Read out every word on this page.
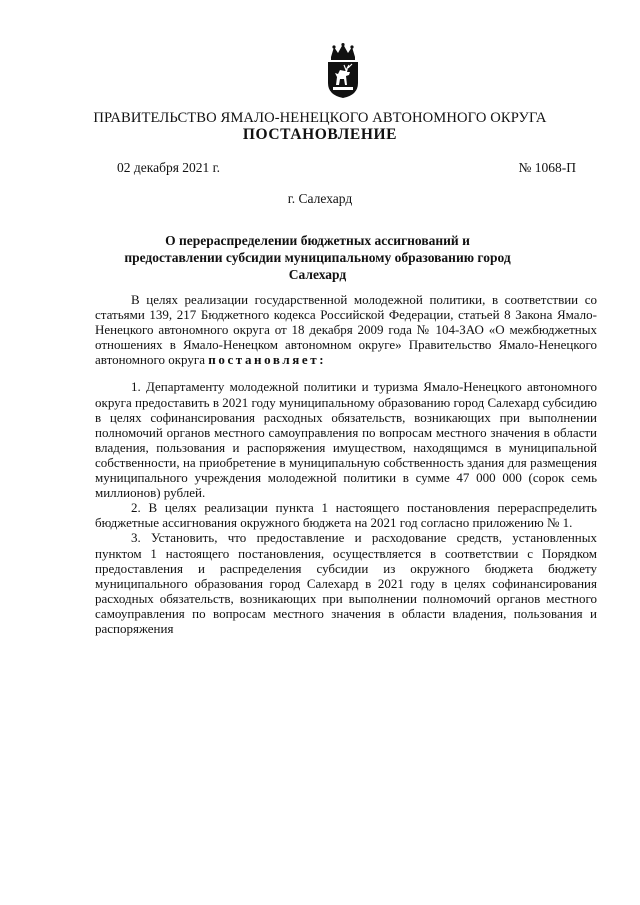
ПРАВИТЕЛЬСТВО ЯМАЛО-НЕНЕЦКОГО АВТОНОМНОГО ОКРУГА
ПОСТАНОВЛЕНИЕ
02 декабря 2021 г.	№ 1068-П
г. Салехард
О перераспределении бюджетных ассигнований и предоставлении субсидии муниципальному образованию город Салехард

В целях реализации государственной молодежной политики, в соответствии со статьями 139, 217 Бюджетного кодекса Российской Федерации, статьей 8 Закона Ямало-Ненецкого автономного округа от 18 декабря 2009 года № 104-ЗАО «О межбюджетных отношениях в Ямало-Ненецком автономном округе» Правительство Ямало-Ненецкого автономного округа постановляет:

1. Департаменту молодежной политики и туризма Ямало-Ненецкого автономного округа предоставить в 2021 году муниципальному образованию город Салехард субсидию в целях софинансирования расходных обязательств, возникающих при выполнении полномочий органов местного самоуправления по вопросам местного значения в области владения, пользования и распоряжения имуществом, находящимся в муниципальной собственности, на приобретение в муниципальную собственность здания для размещения муниципального учреждения молодежной политики в сумме 47 000 000 (сорок семь миллионов) рублей.

2. В целях реализации пункта 1 настоящего постановления перераспределить бюджетные ассигнования окружного бюджета на 2021 год согласно приложению № 1.

3. Установить, что предоставление и расходование средств, установленных пунктом 1 настоящего постановления, осуществляется в соответствии с Порядком предоставления и распределения субсидии из окружного бюджета бюджету муниципального образования город Салехард в 2021 году в целях софинансирования расходных обязательств, возникающих при выполнении полномочий органов местного самоуправления по вопросам местного значения в области владения, пользования и распоряжения
